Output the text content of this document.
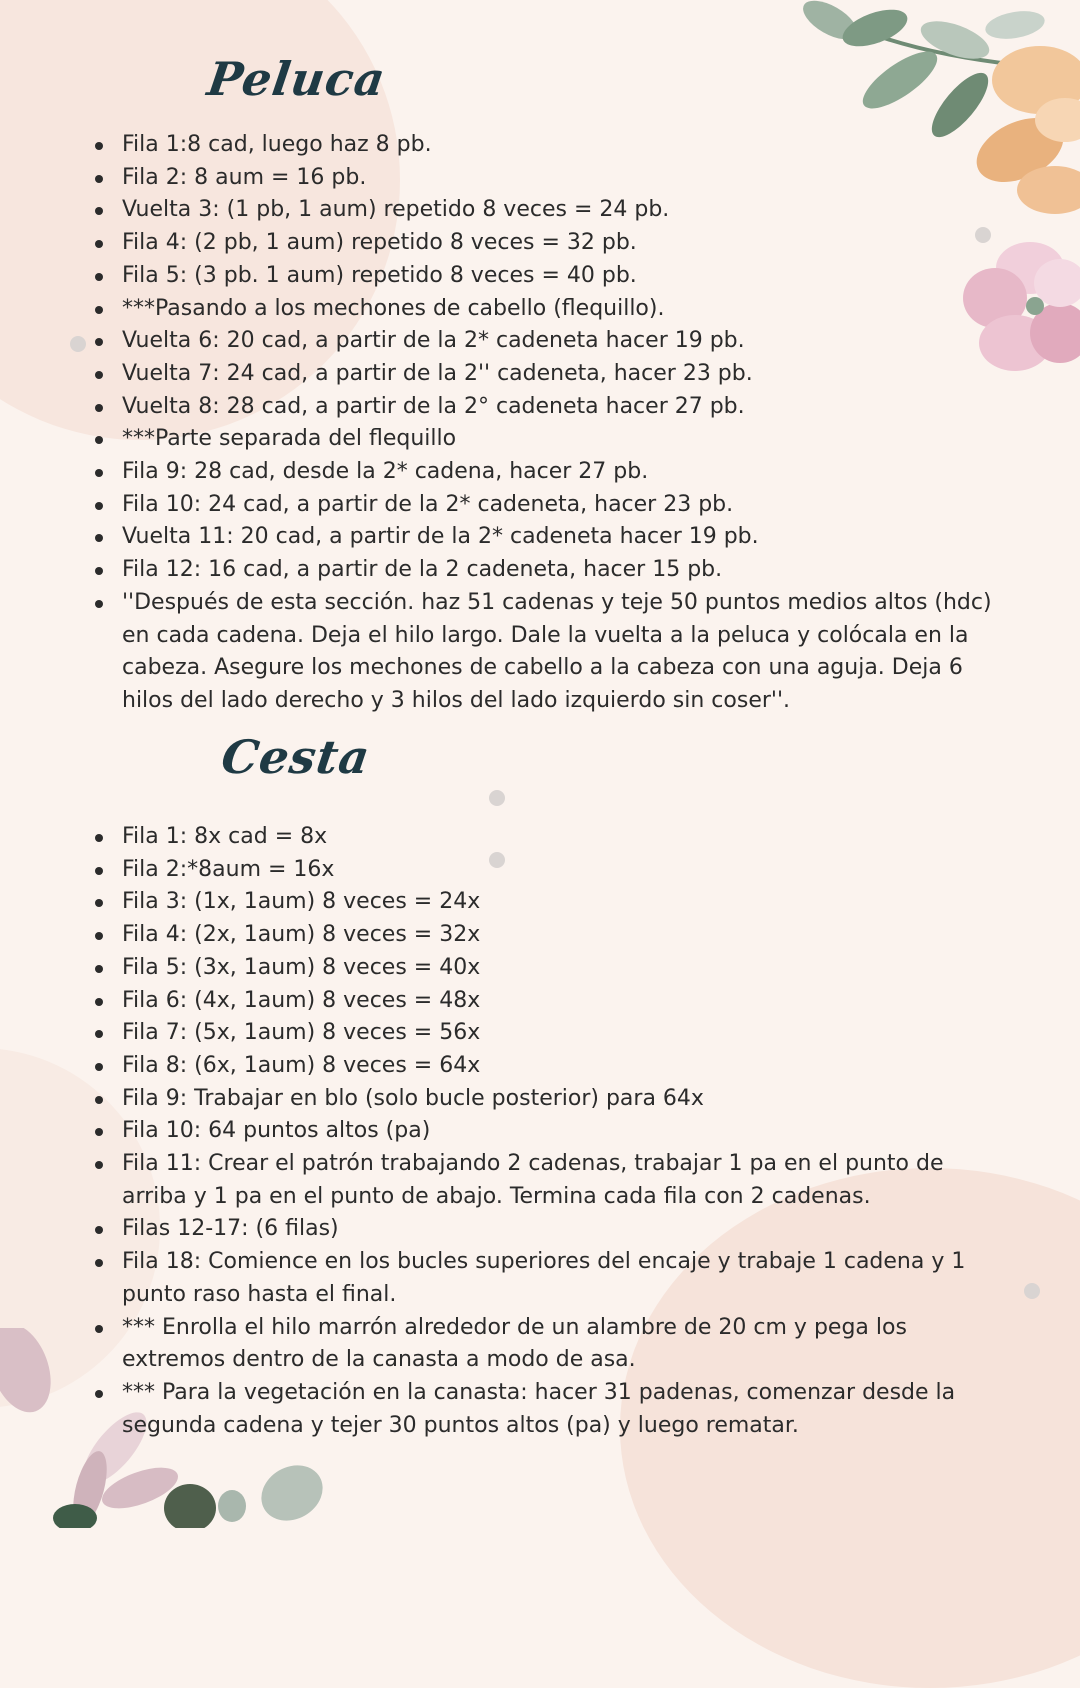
Peluca
Fila 1:8 cad, luego haz 8 pb.
Fila 2: 8 aum = 16 pb.
Vuelta 3: (1 pb, 1 aum) repetido 8 veces = 24 pb.
Fila 4: (2 pb, 1 aum) repetido 8 veces = 32 pb.
Fila 5: (3 pb. 1 aum) repetido 8 veces = 40 pb.
***Pasando a los mechones de cabello (flequillo).
Vuelta 6: 20 cad, a partir de la 2* cadeneta hacer 19 pb.
Vuelta 7: 24 cad, a partir de la 2'' cadeneta, hacer 23 pb.
Vuelta 8: 28 cad, a partir de la 2° cadeneta hacer 27 pb.
***Parte separada del flequillo
Fila 9: 28 cad, desde la 2* cadena, hacer 27 pb.
Fila 10: 24 cad, a partir de la 2* cadeneta, hacer 23 pb.
Vuelta 11: 20 cad, a partir de la 2* cadeneta hacer 19 pb.
Fila 12: 16 cad, a partir de la 2 cadeneta, hacer 15 pb.
''Después de esta sección. haz 51 cadenas y teje 50 puntos medios altos (hdc) en cada cadena. Deja el hilo largo. Dale la vuelta a la peluca y colócala en la cabeza. Asegure los mechones de cabello a la cabeza con una aguja. Deja 6 hilos del lado derecho y 3 hilos del lado izquierdo sin coser''.
Cesta
Fila 1: 8x cad = 8x
Fila 2:*8aum = 16x
Fila 3: (1x, 1aum) 8 veces = 24x
Fila 4: (2x, 1aum) 8 veces = 32x
Fila 5: (3x, 1aum) 8 veces = 40x
Fila 6: (4x, 1aum) 8 veces = 48x
Fila 7: (5x, 1aum) 8 veces = 56x
Fila 8: (6x, 1aum) 8 veces = 64x
Fila 9: Trabajar en blo (solo bucle posterior) para 64x
Fila 10: 64 puntos altos (pa)
Fila 11: Crear el patrón trabajando 2 cadenas, trabajar 1 pa en el punto de arriba y 1 pa en el punto de abajo. Termina cada fila con 2 cadenas.
Filas 12-17: (6 filas)
Fila 18: Comience en los bucles superiores del encaje y trabaje 1 cadena y 1 punto raso hasta el final.
*** Enrolla el hilo marrón alrededor de un alambre de 20 cm y pega los extremos dentro de la canasta a modo de asa.
*** Para la vegetación en la canasta: hacer 31 padenas, comenzar desde la segunda cadena y tejer 30 puntos altos (pa) y luego rematar.
